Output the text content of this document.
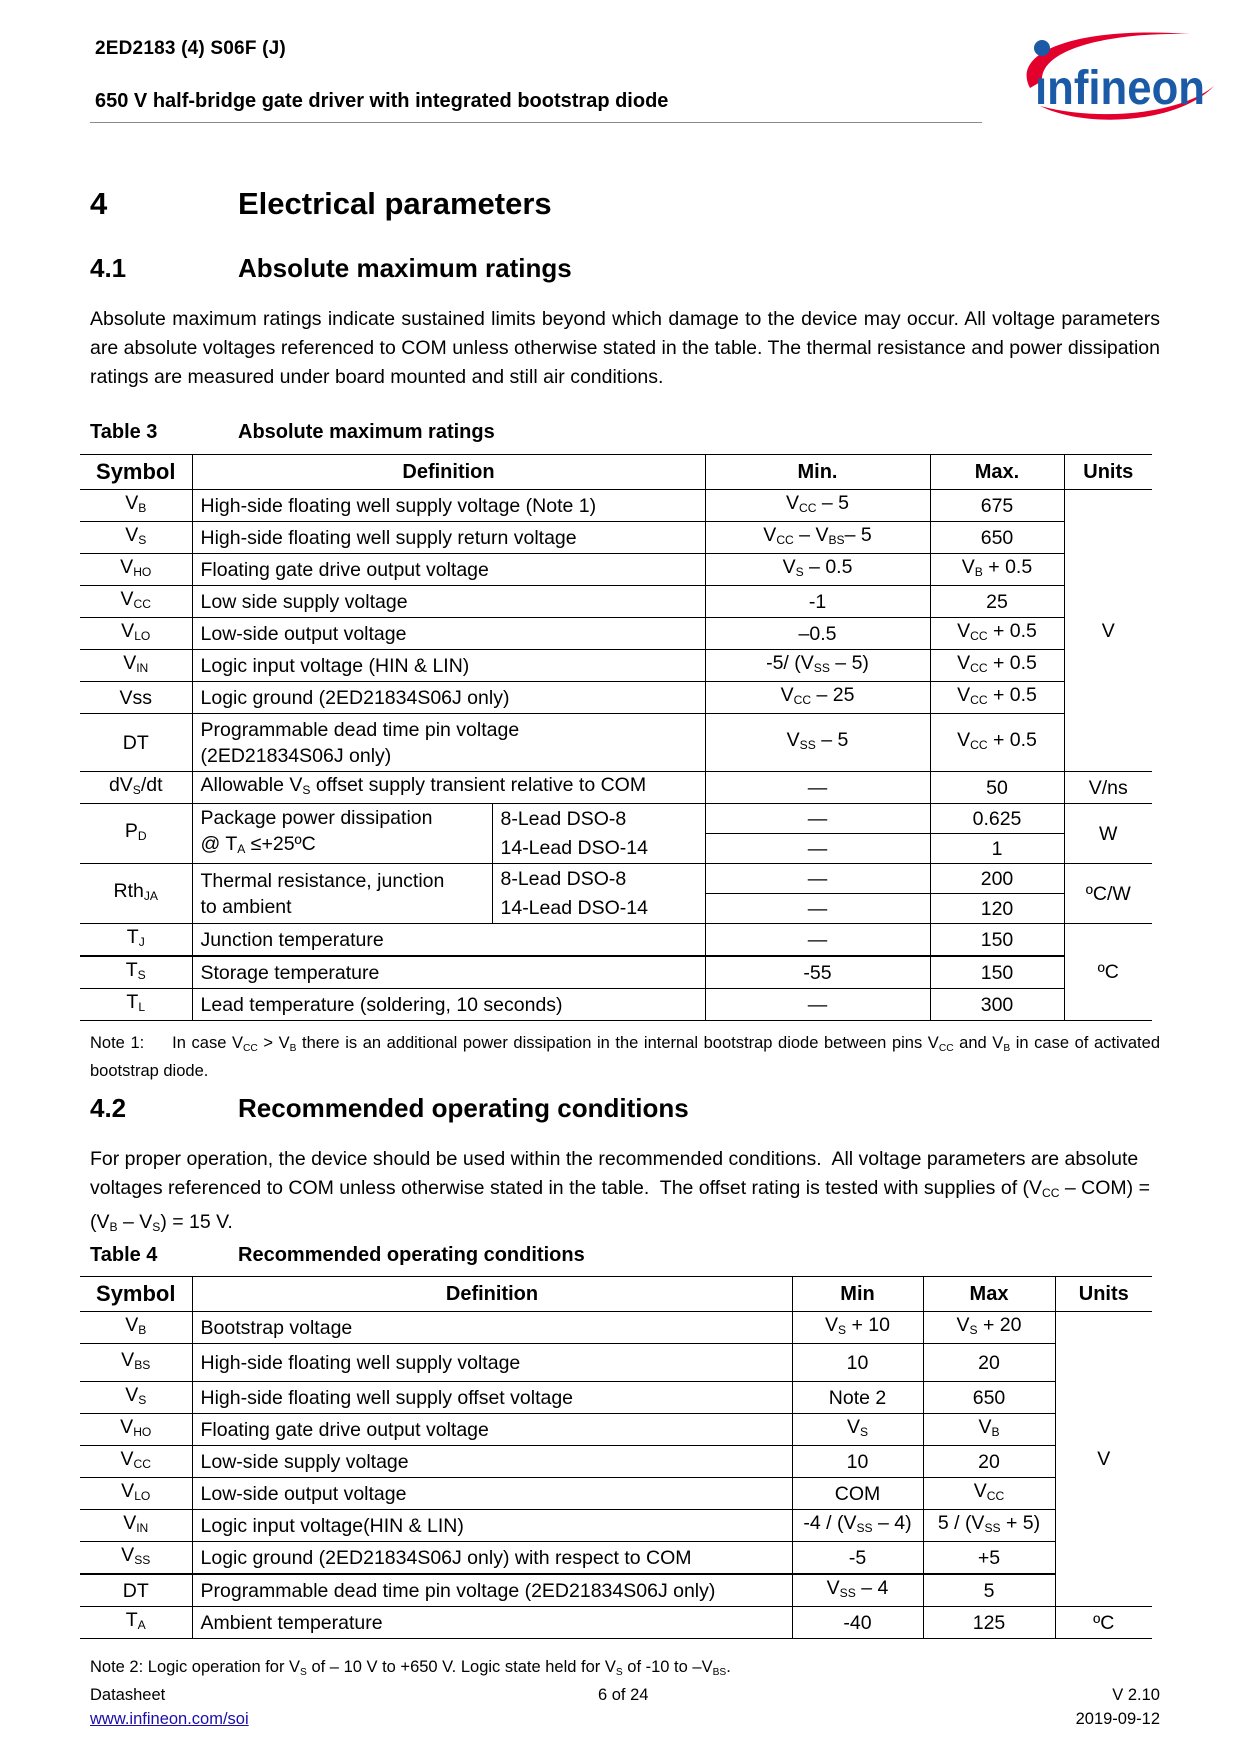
2ED2183 (4) S06F (J)
650 V half-bridge gate driver with integrated bootstrap diode	ınfineon
4	Electrical parameters
4.1	Absolute maximum ratings
Absolute maximum ratings indicate sustained limits beyond which damage to the device may occur. All voltage parameters are absolute voltages referenced to COM unless otherwise stated in the table. The thermal resistance and power dissipation ratings are measured under board mounted and still air conditions.
Table 3	Absolute maximum ratings
Symbol	Definition		Min.	Max.	Units
$V_B$	High-side floating well supply voltage (Note 1)		$V_{CC} - 5$	675	V
$V_S$	High-side floating well supply return voltage		$V_{CC} - V_{BS}-$ 5	650	
$V_{HO}$	Floating gate drive output voltage		$V_S - 0.5$	$V_B + 0.5$	
$V_{CC}$	Low side supply voltage		-1	25	
$V_{LO}$	Low-side output voltage		–0.5	$V_{CC} + 0.5$	
$V_{IN}$	Logic input voltage (HIN & LIN)		-5/ $(V_{SS} - 5)$	$V_{CC} + 0.5$	
Vss	Logic ground (2ED21834S06J only)		$V_{CC} - 25$	$V_{CC} + 0.5$	
DT	Programmable dead time pin voltage
(2ED21834S06J only)		$V_{SS} - 5$	$V_{CC} + 0.5$	
$dV_S/dt$	Allowable $V_S$ offset supply transient relative to COM		—	50	V/ns
$P_D$	Package power dissipation
@ $T_A$ ≤+25ºC	8-Lead DSO-8	—	0.625	W
		14-Lead DSO-14	—	1	
Rth$_{JA}$	Thermal resistance, junction
to ambient	8-Lead DSO-8	—	200	ºC/W
		14-Lead DSO-14	—	120	
$T_J$	Junction temperature		—	150	ºC
$T_S$	Storage temperature		-55	150	
$T_L$	Lead temperature (soldering, 10 seconds)		—	300	
Note 1:     In case $V_{CC} > V_B$ there is an additional power dissipation in the internal bootstrap diode between pins $V_{CC}$ and $V_B$ in case of activated bootstrap diode.
4.2	Recommended operating conditions
For proper operation, the device should be used within the recommended conditions.  All voltage parameters are absolute voltages referenced to COM unless otherwise stated in the table.  The offset rating is tested with supplies of $(V_{CC} - COM) = (V_B - V_S) = 15$ V.
Table 4	Recommended operating conditions
Symbol	Definition	Min	Max	Units
$V_B$	Bootstrap voltage	$V_S + 10$	$V_S + 20$	V
$V_{BS}$	High-side floating well supply voltage	10	20	
$V_S$	High-side floating well supply offset voltage	Note 2	650	
$V_{HO}$	Floating gate drive output voltage	$V_S$	$V_B$
$V_{CC}$	Low-side supply voltage	10	20	
$V_{LO}$	Low-side output voltage	COM	$V_{CC}$
$V_{IN}$	Logic input voltage(HIN & LIN)	$-4 / (V_{SS} - 4)$	$5 / (V_{SS} + 5)$	
$V_{SS}$	Logic ground (2ED21834S06J only) with respect to COM	-5	+5	
DT	Programmable dead time pin voltage (2ED21834S06J only)	$V_{SS} - 4$	5	
$T_A$	Ambient temperature	-40	125	ºC
Note 2: Logic operation for $V_S$ of – 10 V to +650 V. Logic state held for $V_S$ of -10 to $-V_{BS}$.
Datasheet
www.infineon.com/soi
6 of 24	V 2.10
2019-09-12
